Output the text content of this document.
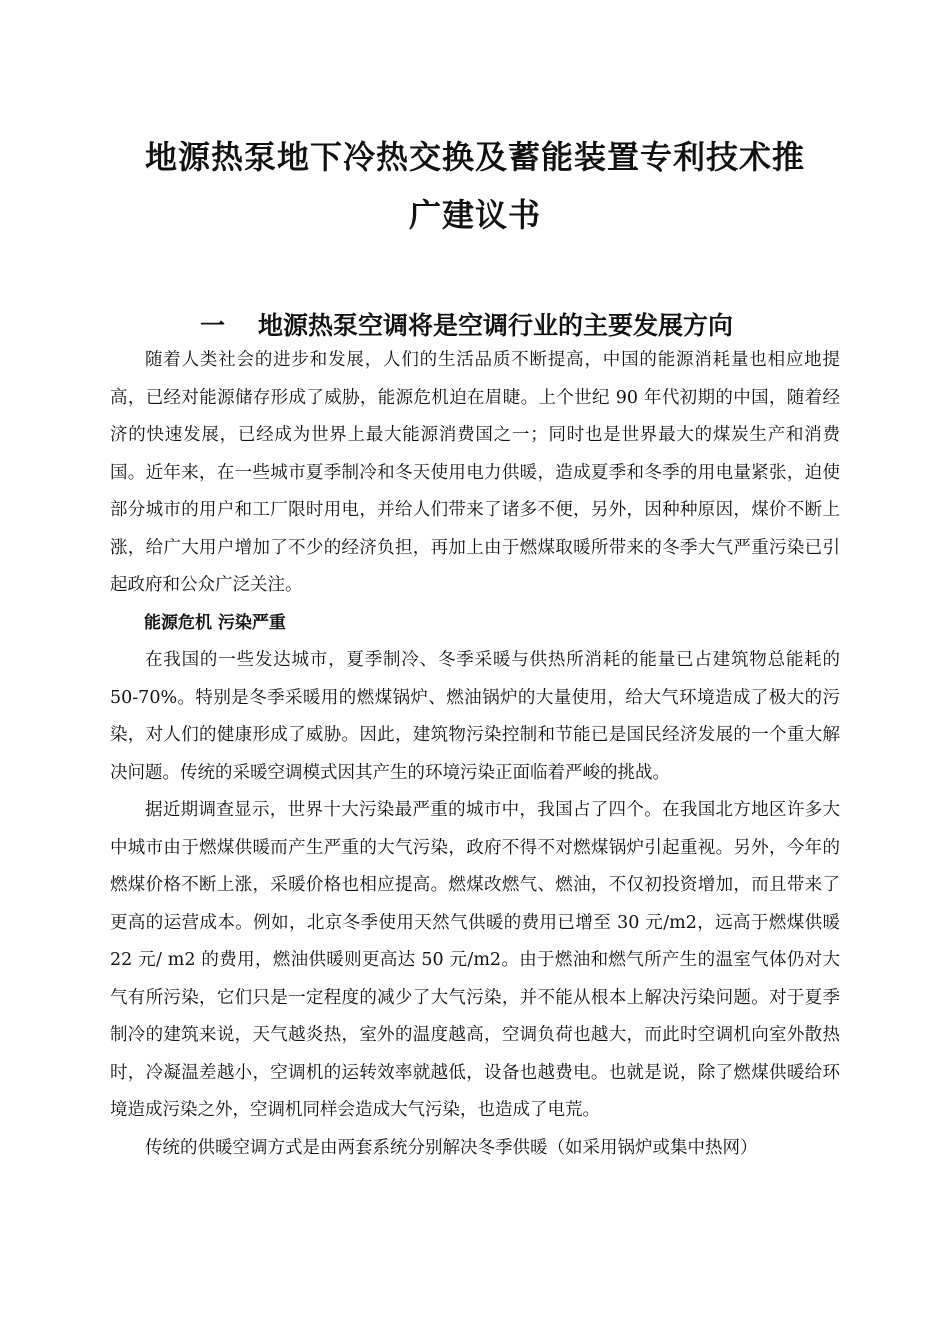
地源热泵地下冷热交换及蓄能装置专利技术推
广建议书
一 地源热泵空调将是空调行业的主要发展方向

随着人类社会的进步和发展，人们的生活品质不断提高，中国的能源消耗量也相应地提高，已经对能源储存形成了威胁，能源危机迫在眉睫。上个世纪 90 年代初期的中国，随着经济的快速发展，已经成为世界上最大能源消费国之一；同时也是世界最大的煤炭生产和消费国。近年来，在一些城市夏季制冷和冬天使用电力供暖，造成夏季和冬季的用电量紧张，迫使部分城市的用户和工厂限时用电，并给人们带来了诸多不便，另外，因种种原因，煤价不断上涨，给广大用户增加了不少的经济负担，再加上由于燃煤取暖所带来的冬季大气严重污染已引起政府和公众广泛关注。

能源危机 污染严重

在我国的一些发达城市，夏季制冷、冬季采暖与供热所消耗的能量已占建筑物总能耗的 50-70%。特别是冬季采暖用的燃煤锅炉、燃油锅炉的大量使用，给大气环境造成了极大的污染，对人们的健康形成了威胁。因此，建筑物污染控制和节能已是国民经济发展的一个重大解决问题。传统的采暖空调模式因其产生的环境污染正面临着严峻的挑战。

据近期调查显示，世界十大污染最严重的城市中，我国占了四个。在我国北方地区许多大中城市由于燃煤供暖而产生严重的大气污染，政府不得不对燃煤锅炉引起重视。另外，今年的燃煤价格不断上涨，采暖价格也相应提高。燃煤改燃气、燃油，不仅初投资增加，而且带来了更高的运营成本。例如，北京冬季使用天然气供暖的费用已增至 30 元/m2，远高于燃煤供暖 22 元/ m2 的费用，燃油供暖则更高达 50 元/m2。由于燃油和燃气所产生的温室气体仍对大气有所污染，它们只是一定程度的减少了大气污染，并不能从根本上解决污染问题。对于夏季制冷的建筑来说，天气越炎热，室外的温度越高，空调负荷也越大，而此时空调机向室外散热时，冷凝温差越小，空调机的运转效率就越低，设备也越费电。也就是说，除了燃煤供暖给环境造成污染之外，空调机同样会造成大气污染，也造成了电荒。

传统的供暖空调方式是由两套系统分别解决冬季供暖（如采用锅炉或集中热网）
